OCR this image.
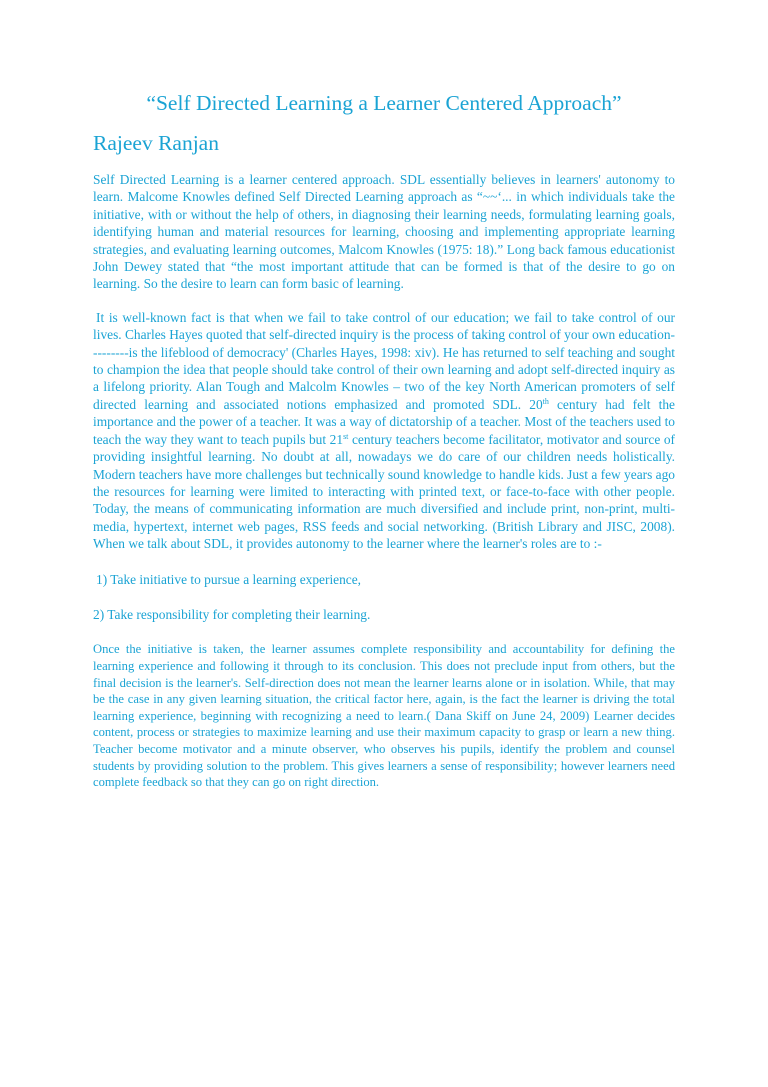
“Self Directed Learning a Learner Centered Approach”
Rajeev Ranjan

Self Directed Learning is a learner centered approach. SDL essentially believes in learners' autonomy to learn. Malcome Knowles defined Self Directed Learning approach as “~~‘... in which individuals take the initiative, with or without the help of others, in diagnosing their learning needs, formulating learning goals, identifying human and material resources for learning, choosing and implementing appropriate learning strategies, and evaluating learning outcomes, Malcom Knowles (1975: 18).” Long back famous educationist John Dewey stated that “the most important attitude that can be formed is that of the desire to go on learning. So the desire to learn can form basic of learning.

It is well-known fact is that when we fail to take control of our education; we fail to take control of our lives. Charles Hayes quoted that self-directed inquiry is the process of taking control of your own education---------is the lifeblood of democracy' (Charles Hayes, 1998: xiv). He has returned to self teaching and sought to champion the idea that people should take control of their own learning and adopt self-directed inquiry as a lifelong priority. Alan Tough and Malcolm Knowles – two of the key North American promoters of self directed learning and associated notions emphasized and promoted SDL. 20th century had felt the importance and the power of a teacher. It was a way of dictatorship of a teacher. Most of the teachers used to teach the way they want to teach pupils but 21st century teachers become facilitator, motivator and source of providing insightful learning. No doubt at all, nowadays we do care of our children needs holistically. Modern teachers have more challenges but technically sound knowledge to handle kids. Just a few years ago the resources for learning were limited to interacting with printed text, or face-to-face with other people. Today, the means of communicating information are much diversified and include print, non-print, multi-media, hypertext, internet web pages, RSS feeds and social networking. (British Library and JISC, 2008). When we talk about SDL, it provides autonomy to the learner where the learner's roles are to :-

1) Take initiative to pursue a learning experience,

2) Take responsibility for completing their learning.

Once the initiative is taken, the learner assumes complete responsibility and accountability for defining the learning experience and following it through to its conclusion. This does not preclude input from others, but the final decision is the learner's. Self-direction does not mean the learner learns alone or in isolation. While, that may be the case in any given learning situation, the critical factor here, again, is the fact the learner is driving the total learning experience, beginning with recognizing a need to learn.( Dana Skiff on June 24, 2009) Learner decides content, process or strategies to maximize learning and use their maximum capacity to grasp or learn a new thing. Teacher become motivator and a minute observer, who observes his pupils, identify the problem and counsel students by providing solution to the problem. This gives learners a sense of responsibility; however learners need complete feedback so that they can go on right direction.
